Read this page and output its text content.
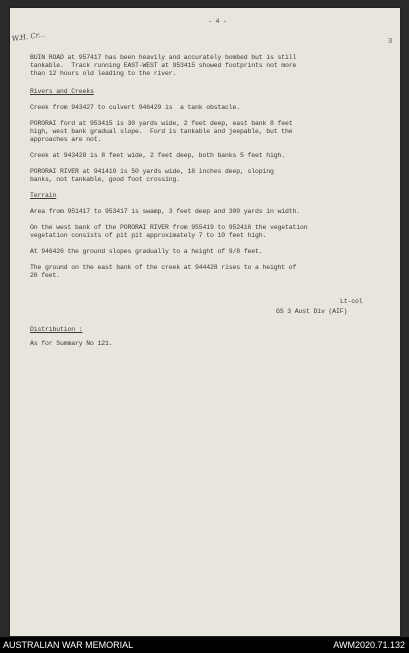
- 4 -
3
BUIN ROAD at 957417 has been heavily and accurately bombed but is still
tankable.  Track running EAST-WEST at 953415 showed footprints not more
than 12 hours old leading to the river.
Rivers and Creeks
Creek from 943427 to culvert 946429 is  a tank obstacle.
PORORAI ford at 953415 is 30 yards wide, 2 feet deep, east bank 8 feet
high, west bank gradual slope.  Ford is tankable and jeepable, but the
approaches are not.
Creek at 943428 is 8 feet wide, 2 feet deep, both banks 5 feet high.
PORORAI RIVER at 941419 is 50 yards wide, 18 inches deep, sloping
banks, not tankable, good foot crossing.
Terrain
Area from 951417 to 953417 is swamp, 3 feet deep and 300 yards in width.
On the west bank of the PORORAI RIVER from 955419 to 952416 the vegetation
vegetation consists of pit pit approximately 7 to 10 feet high.
At 946426 the ground slopes gradually to a height of 9/8 feet.
The ground on the east bank of the creek at 944428 rises to a height of
20 feet.
W.H. Cr...
Lt-col
GS 3 Aust Div (AIF)
Distribution :
As for Summary No 121.
AUSTRALIAN WAR MEMORIAL	AWM2020.71.132
